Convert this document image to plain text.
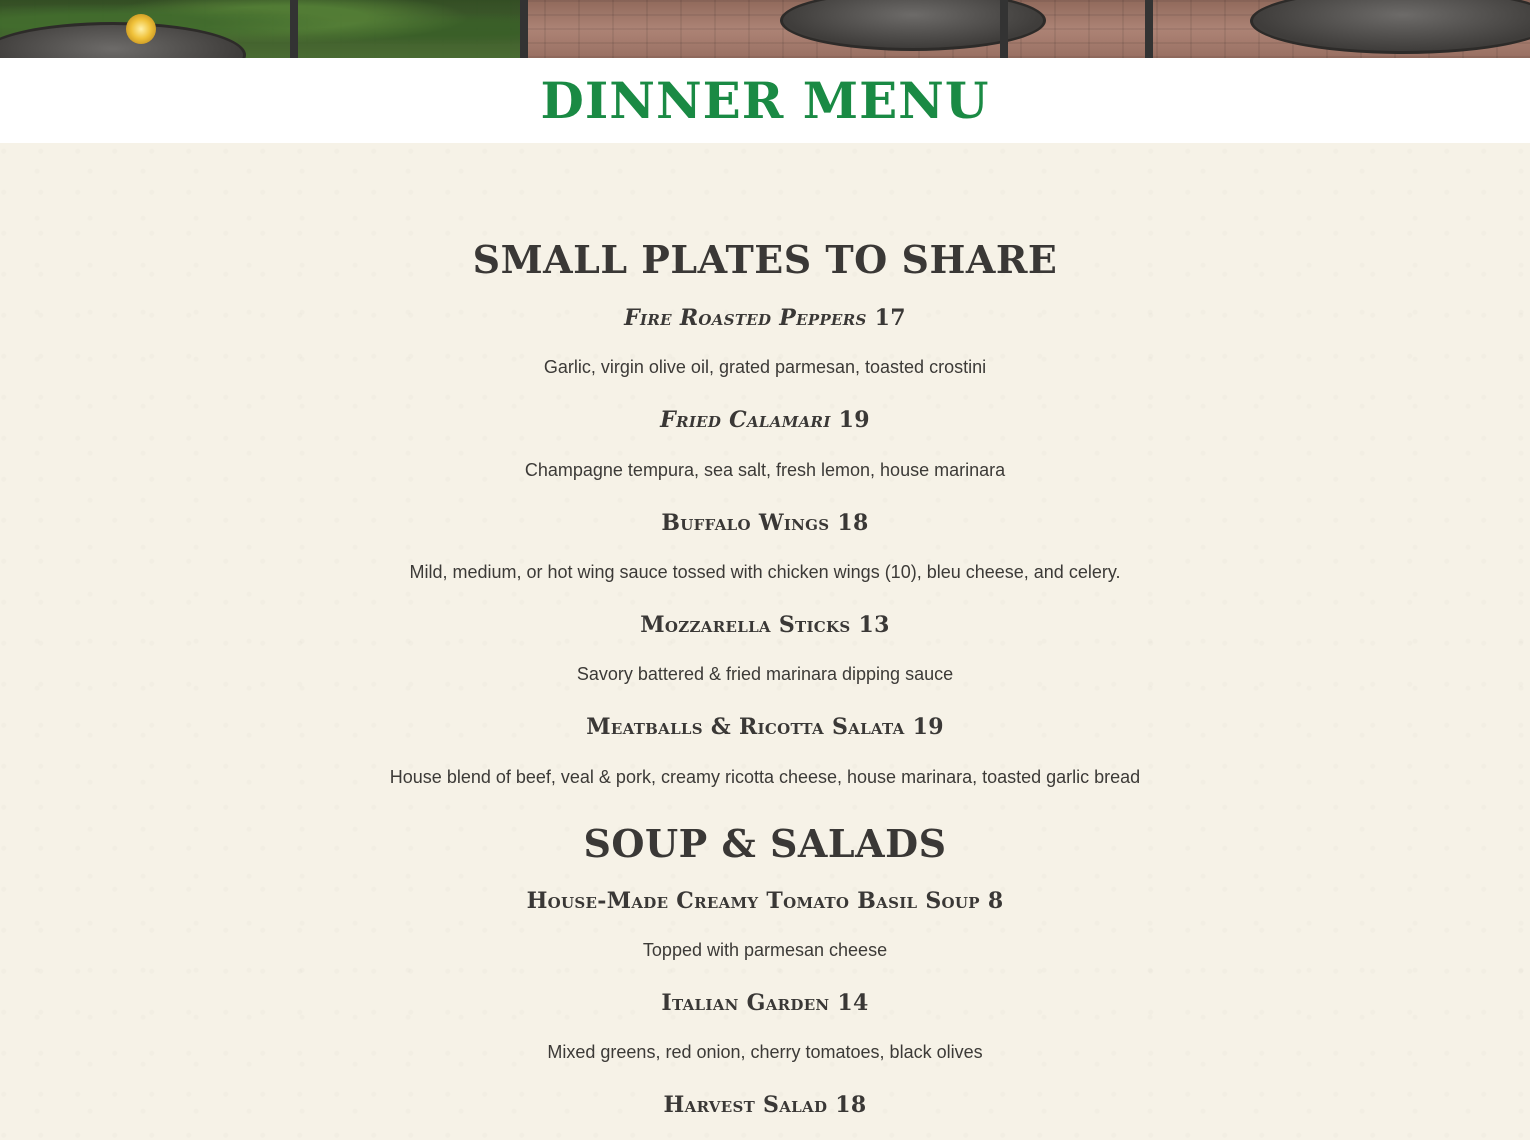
DINNER MENU
SMALL PLATES TO SHARE
Fire Roasted Peppers 17

Garlic, virgin olive oil, grated parmesan, toasted crostini

Fried Calamari 19

Champagne tempura, sea salt, fresh lemon, house marinara

Buffalo Wings 18

Mild, medium, or hot wing sauce tossed with chicken wings (10), bleu cheese, and celery.

Mozzarella Sticks 13

Savory battered & fried marinara dipping sauce

Meatballs & Ricotta Salata 19

House blend of beef, veal & pork, creamy ricotta cheese, house marinara, toasted garlic bread

SOUP & SALADS
House-Made Creamy Tomato Basil Soup 8

Topped with parmesan cheese

Italian Garden 14

Mixed greens, red onion, cherry tomatoes, black olives

Harvest Salad 18
